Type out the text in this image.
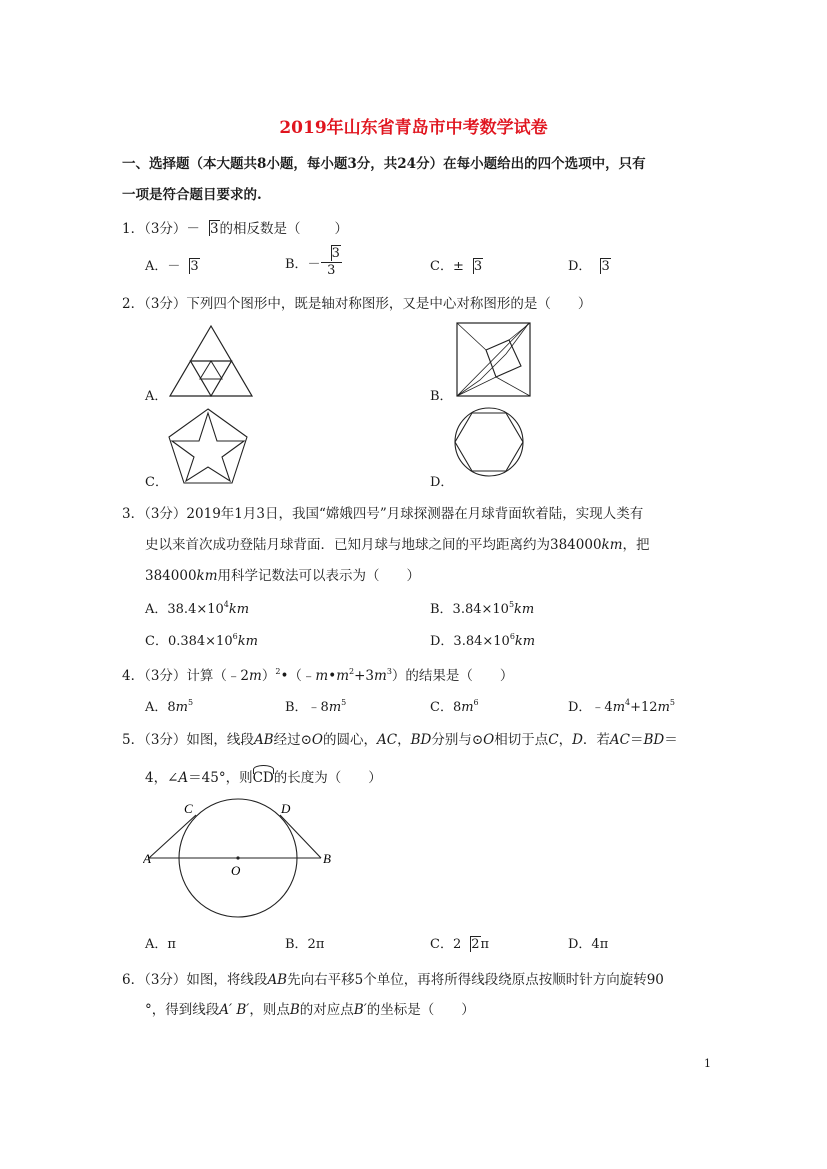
2019年山东省青岛市中考数学试卷
一、选择题（本大题共8小题，每小题3分，共24分）在每小题给出的四个选项中，只有
一项是符合题目要求的.
1．（3分）－ 3的相反数是（	）
A．－ 3	B．－ $\frac{3}{3}$	C．± 3	D． 3
2．（3分）下列四个图形中，既是轴对称图形，又是中心对称图形的是（　　）
A．	B．
C．	D．
3．（3分）2019年1月3日，我国“嫦娥四号”月球探测器在月球背面软着陆，实现人类有
史以来首次成功登陆月球背面．已知月球与地球之间的平均距离约为384000km，把
384000km用科学记数法可以表示为（　　）
A．$38.4\times 10^4km$	B．$3.84\times 10^5km$
C．$0.384\times 10^6km$	D．$3.84\times 10^6km$
4．（3分）计算$(﹣2m)^2•(﹣m•m^2+3m^3)$的结果是（　　）
A．$8m^5$	B．$﹣8m^5$	C．$8m^6$	D．$﹣4m^4+12m^5$
5．（3分）如图，线段AB经过⊙O的圆心，AC，BD分别与⊙O相切于点C，D．若AC＝BD＝
4，∠A＝45°，则CD的长度为（　　）
A	B
C	D
O
A．π	B．2π	C．2 2π	D．4π
6．（3分）如图，将线段AB先向右平移5个单位，再将所得线段绕原点按顺时针方向旋转90
°，得到线段A′ B′，则点B的对应点B′的坐标是（　　）
1
